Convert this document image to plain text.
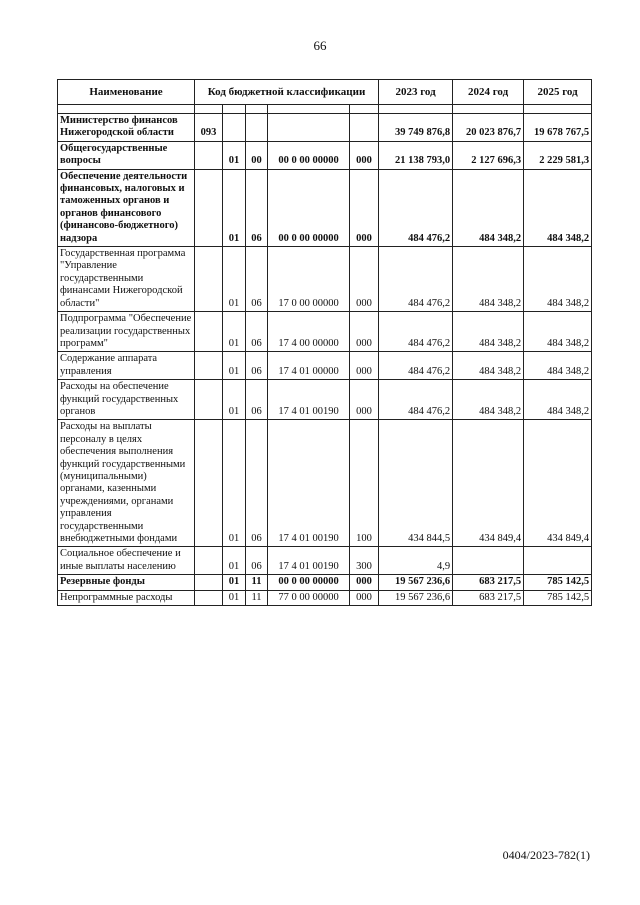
66
Наименование	Код бюджетной классификации					2023 год	2024 год	2025 год

Министерство финансов Нижегородской области	093					39 749 876,8	20 023 876,7	19 678 767,5
Общегосударственные вопросы		01	00	00 0 00 00000	000	21 138 793,0	2 127 696,3	2 229 581,3
Обеспечение деятельности финансовых, налоговых и таможенных органов и органов финансового (финансово-бюджетного) надзора		01	06	00 0 00 00000	000	484 476,2	484 348,2	484 348,2
Государственная программа "Управление государственными финансами Нижегородской области"		01	06	17 0 00 00000	000	484 476,2	484 348,2	484 348,2
Подпрограмма "Обеспечение реализации государственных программ"		01	06	17 4 00 00000	000	484 476,2	484 348,2	484 348,2
Содержание аппарата управления		01	06	17 4 01 00000	000	484 476,2	484 348,2	484 348,2
Расходы на обеспечение функций государственных органов		01	06	17 4 01 00190	000	484 476,2	484 348,2	484 348,2
Расходы на выплаты персоналу в целях обеспечения выполнения функций государственными (муниципальными) органами, казенными учреждениями, органами управления государственными внебюджетными фондами		01	06	17 4 01 00190	100	434 844,5	434 849,4	434 849,4
Социальное обеспечение и иные выплаты населению		01	06	17 4 01 00190	300	4,9		
Резервные фонды		01	11	00 0 00 00000	000	19 567 236,6	683 217,5	785 142,5
Непрограммные расходы		01	11	77 0 00 00000	000	19 567 236,6	683 217,5	785 142,5
0404/2023-782(1)
